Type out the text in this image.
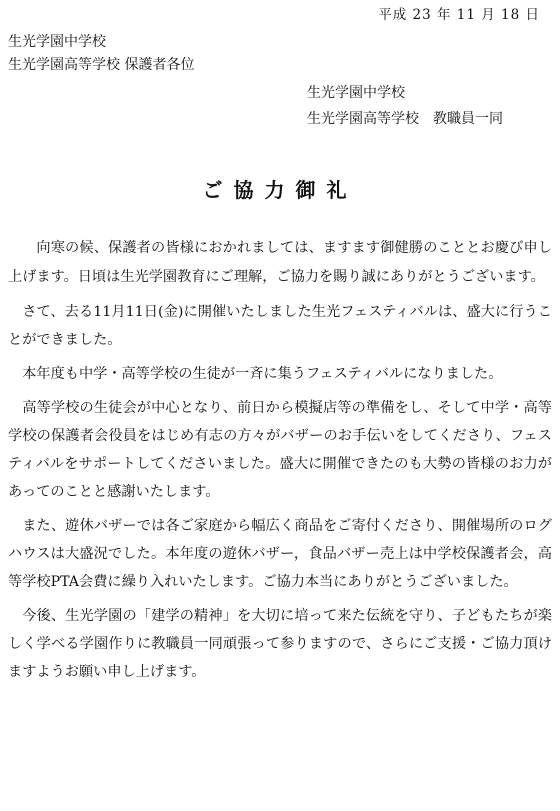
平成 23 年 11 月 18 日
生光学園中学校
生光学園高等学校 保護者各位
生光学園中学校
生光学園高等学校　教職員一同
ご協力御礼

向寒の候、保護者の皆様におかれましては、ますます御健勝のこととお慶び申し上げます。日頃は生光学園教育にご理解，ご協力を賜り誠にありがとうございます。

さて、去る11月11日(金)に開催いたしました生光フェスティバルは、盛大に行うことができました。

本年度も中学・高等学校の生徒が一斉に集うフェスティバルになりました。

高等学校の生徒会が中心となり、前日から模擬店等の準備をし、そして中学・高等学校の保護者会役員をはじめ有志の方々がバザーのお手伝いをしてくださり、フェスティバルをサポートしてくださいました。盛大に開催できたのも大勢の皆様のお力があってのことと感謝いたします。

また、遊休バザーでは各ご家庭から幅広く商品をご寄付くださり、開催場所のログハウスは大盛況でした。本年度の遊休バザー，食品バザー売上は中学校保護者会，高等学校PTA会費に繰り入れいたします。ご協力本当にありがとうございました。

今後、生光学園の「建学の精神」を大切に培って来た伝統を守り、子どもたちが楽しく学べる学園作りに教職員一同頑張って参りますので、さらにご支援・ご協力頂けますようお願い申し上げます。
